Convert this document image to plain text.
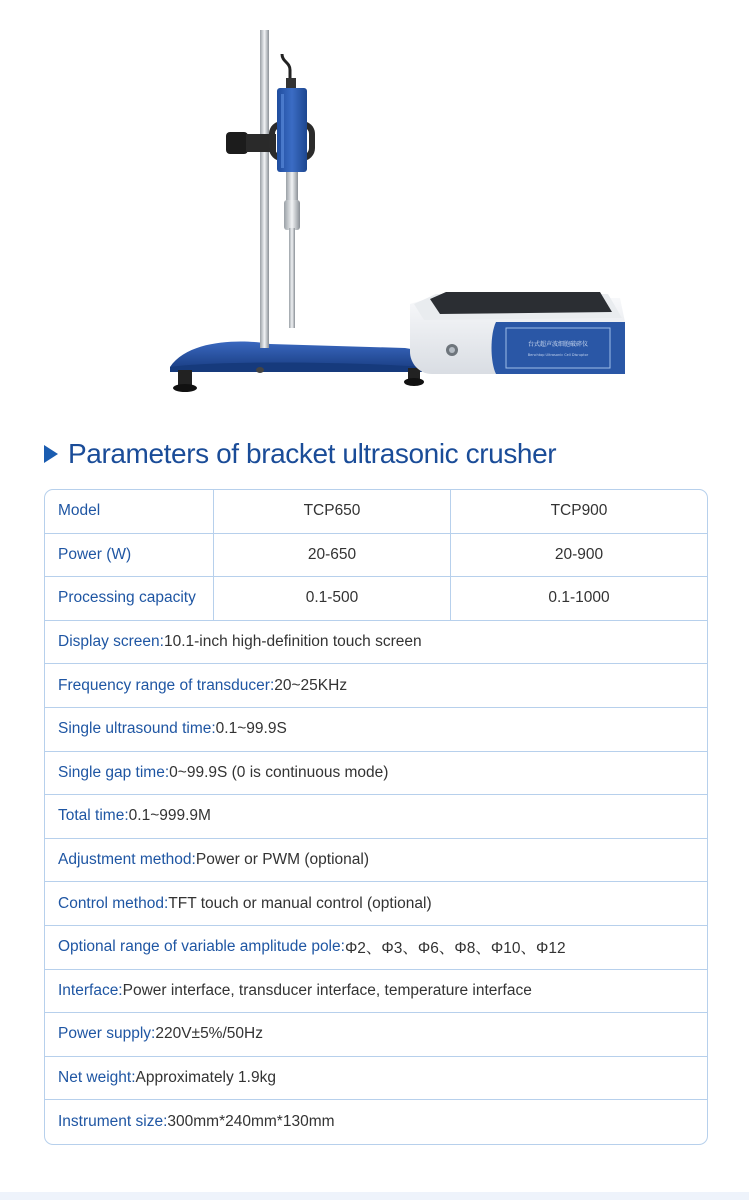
台式超声波细胞破碎仪
Benchtop Ultrasonic Cell Disruptor
Parameters of bracket ultrasonic crusher
Model	TCP650	TCP900
Power (W)	20-650	20-900
Processing capacity	0.1-500	0.1-1000
Display screen: 10.1-inch high-definition touch screen
Frequency range of transducer: 20~25KHz
Single ultrasound time: 0.1~99.9S
Single gap time: 0~99.9S (0 is continuous mode)
Total time: 0.1~999.9M
Adjustment method: Power or PWM (optional)
Control method: TFT touch or manual control (optional)
Optional range of variable amplitude pole: Φ2、Φ3、Φ6、Φ8、Φ10、Φ12
Interface: Power interface, transducer interface, temperature interface
Power supply: 220V±5%/50Hz
Net weight: Approximately 1.9kg
Instrument size: 300mm*240mm*130mm
